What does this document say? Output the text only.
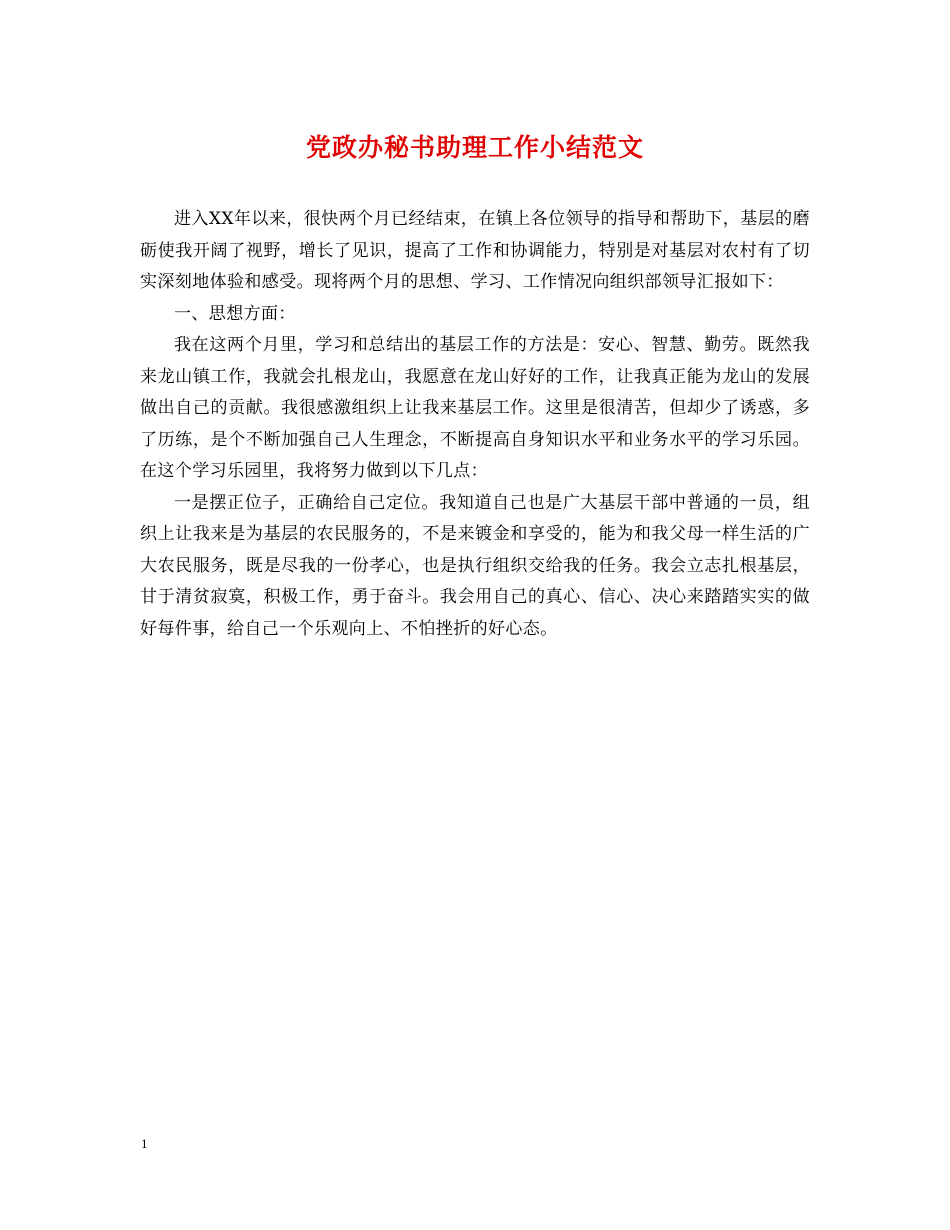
党政办秘书助理工作小结范文

进入XX年以来，很快两个月已经结束，在镇上各位领导的指导和帮助下，基层的磨砺使我开阔了视野，增长了见识，提高了工作和协调能力，特别是对基层对农村有了切实深刻地体验和感受。现将两个月的思想、学习、工作情况向组织部领导汇报如下：

一、思想方面：

我在这两个月里，学习和总结出的基层工作的方法是：安心、智慧、勤劳。既然我来龙山镇工作，我就会扎根龙山，我愿意在龙山好好的工作，让我真正能为龙山的发展做出自己的贡献。我很感激组织上让我来基层工作。这里是很清苦，但却少了诱惑，多了历练，是个不断加强自己人生理念，不断提高自身知识水平和业务水平的学习乐园。在这个学习乐园里，我将努力做到以下几点：

一是摆正位子，正确给自己定位。我知道自己也是广大基层干部中普通的一员，组织上让我来是为基层的农民服务的，不是来镀金和享受的，能为和我父母一样生活的广大农民服务，既是尽我的一份孝心，也是执行组织交给我的任务。我会立志扎根基层，甘于清贫寂寞，积极工作，勇于奋斗。我会用自己的真心、信心、决心来踏踏实实的做好每件事，给自己一个乐观向上、不怕挫折的好心态。

1
